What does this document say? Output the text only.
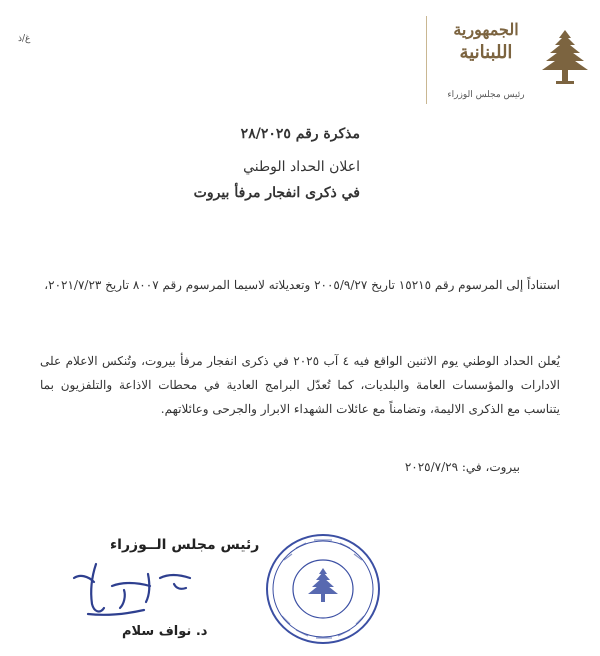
غ/ذ	الجمهورية
اللبنانية
رئيس مجلس الوزراء
مذكرة رقم ٢٨/٢٠٢٥
اعلان الحداد الوطني
في ذكرى انفجار مرفأ بيروت

استناداً إلى المرسوم رقم ١٥٢١٥ تاريخ ٢٠٠٥/٩/٢٧ وتعديلاته لاسيما المرسوم رقم ٨٠٠٧ تاريخ ٢٠٢١/٧/٢٣،

يُعلن الحداد الوطني يوم الاثنين الواقع فيه ٤ آب ٢٠٢٥ في ذكرى انفجار مرفأ بيروت، وتُنكس الاعلام على الادارات والمؤسسات العامة والبلديات، كما تُعدّل البرامج العادية في محطات الاذاعة والتلفزيون بما يتناسب مع الذكرى الاليمة، وتضامناً مع عائلات الشهداء الابرار والجرحى وعائلاتهم.

بيروت، في: ٢٠٢٥/٧/٢٩
رئيس مجلس الــوزراء
د. نواف سلام
